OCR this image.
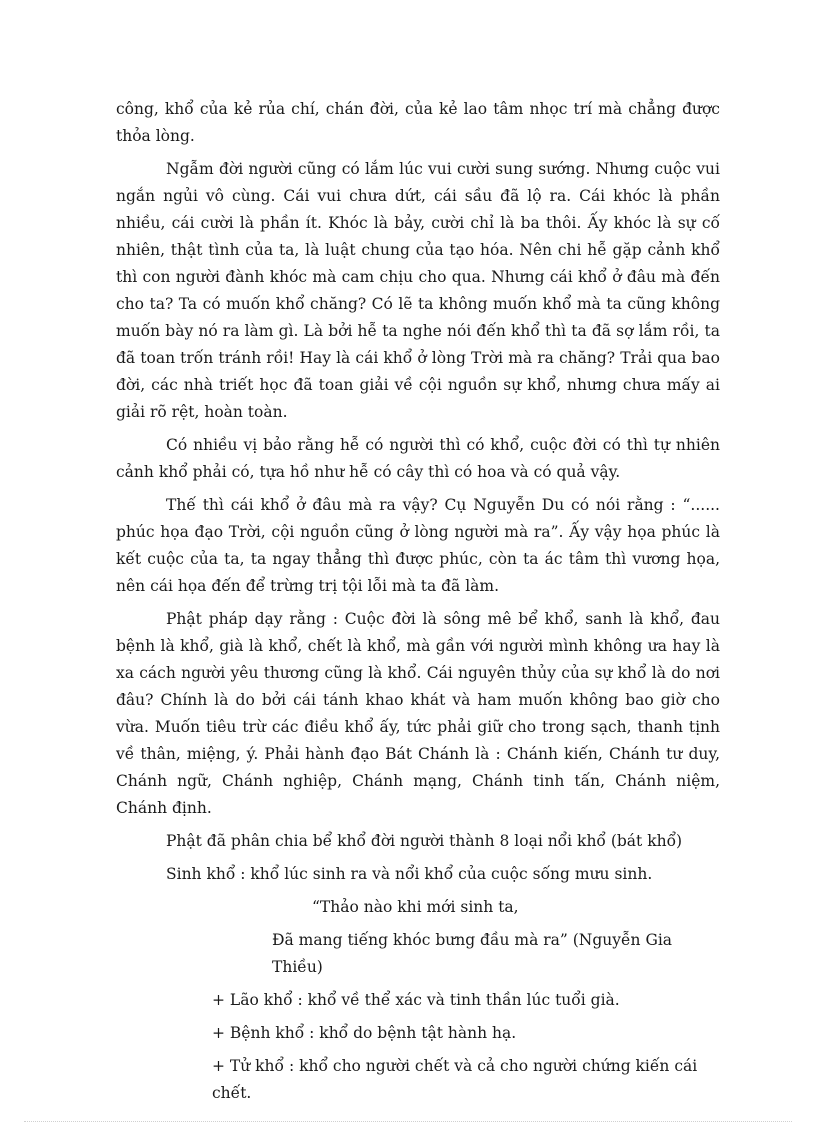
công, khổ của kẻ rủa chí, chán đời, của kẻ lao tâm nhọc trí mà chẳng được thỏa lòng.

Ngẫm đời người cũng có lắm lúc vui cười sung sướng. Nhưng cuộc vui ngắn ngủi vô cùng. Cái vui chưa dứt, cái sầu đã lộ ra. Cái khóc là phần nhiều, cái cười là phần ít. Khóc là bảy, cười chỉ là ba thôi. Ấy khóc là sự cố nhiên, thật tình của ta, là luật chung của tạo hóa. Nên chi hễ gặp cảnh khổ thì con người đành khóc mà cam chịu cho qua. Nhưng cái khổ ở đâu mà đến cho ta? Ta có muốn khổ chăng? Có lẽ ta không muốn khổ mà ta cũng không muốn bày nó ra làm gì. Là bởi hễ ta nghe nói đến khổ thì ta đã sợ lắm rồi, ta đã toan trốn tránh rồi! Hay là cái khổ ở lòng Trời mà ra chăng? Trải qua bao đời, các nhà triết học đã toan giải về cội nguồn sự khổ, nhưng chưa mấy ai giải rõ rệt, hoàn toàn.

Có nhiều vị bảo rằng hễ có người thì có khổ, cuộc đời có thì tự nhiên cảnh khổ phải có, tựa hồ như hễ có cây thì có hoa và có quả vậy.

Thế thì cái khổ ở đâu mà ra vậy? Cụ Nguyễn Du có nói rằng : “...... phúc họa đạo Trời, cội nguồn cũng ở lòng người mà ra”. Ấy vậy họa phúc là kết cuộc của ta, ta ngay thẳng thì được phúc, còn ta ác tâm thì vương họa, nên cái họa đến để trừng trị tội lỗi mà ta đã làm.

Phật pháp dạy rằng : Cuộc đời là sông mê bể khổ, sanh là khổ, đau bệnh là khổ, già là khổ, chết là khổ, mà gần với người mình không ưa hay là xa cách người yêu thương cũng là khổ. Cái nguyên thủy của sự khổ là do nơi đâu? Chính là do bởi cái tánh khao khát và ham muốn không bao giờ cho vừa. Muốn tiêu trừ các điều khổ ấy, tức phải giữ cho trong sạch, thanh tịnh về thân, miệng, ý. Phải hành đạo Bát Chánh là : Chánh kiến, Chánh tư duy, Chánh ngữ, Chánh nghiệp, Chánh mạng, Chánh tinh tấn, Chánh niệm, Chánh định.

Phật đã phân chia bể khổ đời người thành 8 loại nổi khổ (bát khổ)

Sinh khổ : khổ lúc sinh ra và nổi khổ của cuộc sống mưu sinh.

“Thảo nào khi mới sinh ta,

Đã mang tiếng khóc bưng đầu mà ra” (Nguyễn Gia Thiều)

+ Lão khổ : khổ về thể xác và tinh thần lúc tuổi già.

+ Bệnh khổ : khổ do bệnh tật hành hạ.

+ Tử khổ : khổ cho người chết và cả cho người chứng kiến cái chết.
